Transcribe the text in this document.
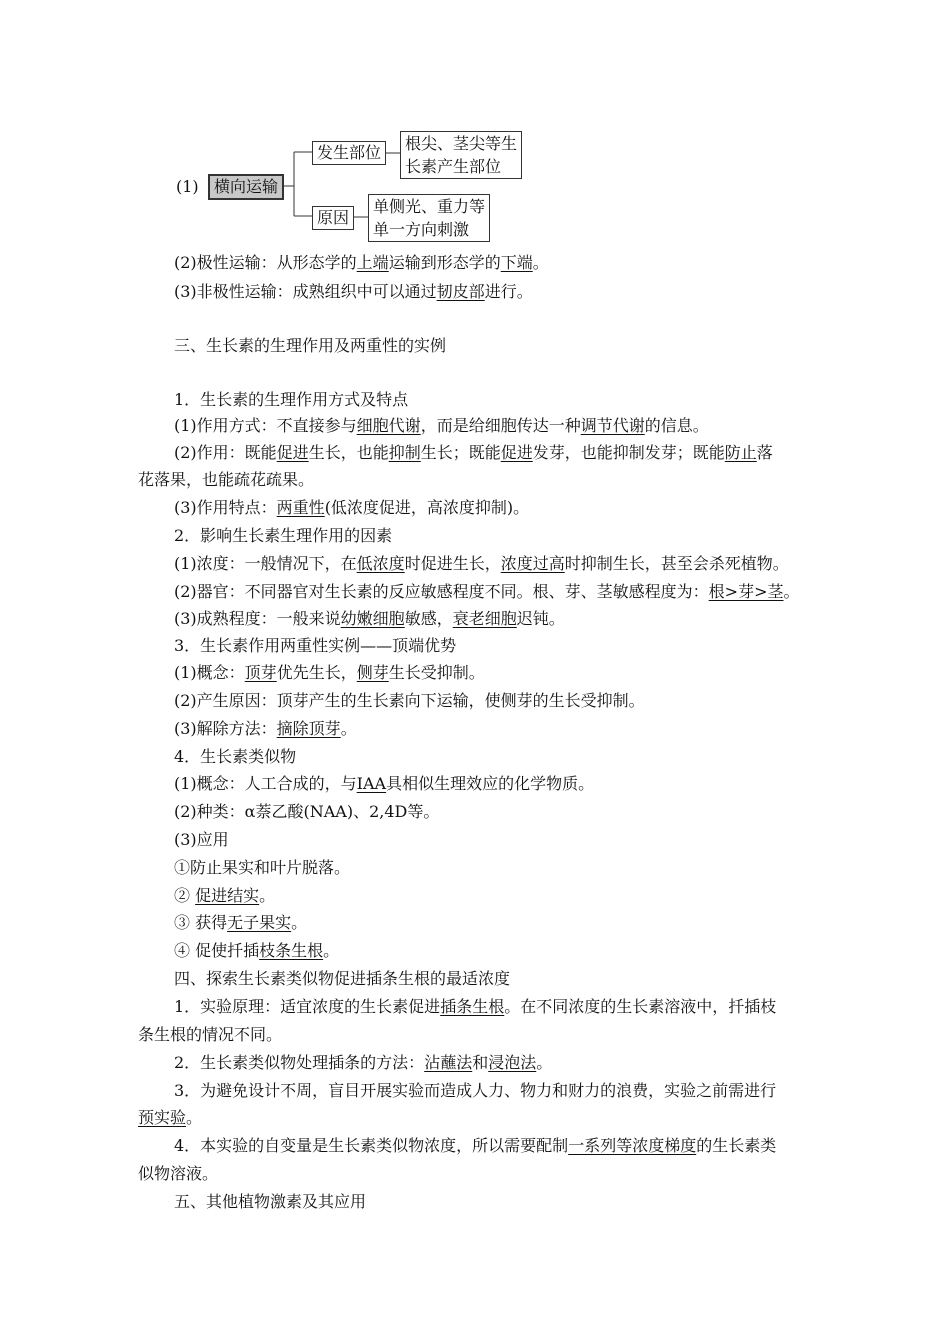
(1) 横向运输
发生部位	根尖、茎尖等生
长素产生部位
原因
单侧光、重力等
单一方向刺激
(2)极性运输：从形态学的上端运输到形态学的下端。
(3)非极性运输：成熟组织中可以通过韧皮部进行。
三、生长素的生理作用及两重性的实例
1．生长素的生理作用方式及特点
(1)作用方式：不直接参与细胞代谢，而是给细胞传达一种调节代谢的信息。
(2)作用：既能促进生长，也能抑制生长；既能促进发芽，也能抑制发芽；既能防止落
花落果，也能疏花疏果。
(3)作用特点：两重性(低浓度促进，高浓度抑制)。
2．影响生长素生理作用的因素
(1)浓度：一般情况下，在低浓度时促进生长，浓度过高时抑制生长，甚至会杀死植物。
(2)器官：不同器官对生长素的反应敏感程度不同。根、芽、茎敏感程度为：根>芽>茎。
(3)成熟程度：一般来说幼嫩细胞敏感，衰老细胞迟钝。
3．生长素作用两重性实例——顶端优势
(1)概念：顶芽优先生长，侧芽生长受抑制。
(2)产生原因：顶芽产生的生长素向下运输，使侧芽的生长受抑制。
(3)解除方法：摘除顶芽。
4．生长素类似物
(1)概念：人工合成的，与IAA具相似生理效应的化学物质。
(2)种类：α萘乙酸(NAA)、2,4D等。
(3)应用
①防止果实和叶片脱落。
② 促进结实。
③ 获得无子果实。
④ 促使扦插枝条生根。
四、探索生长素类似物促进插条生根的最适浓度
1．实验原理：适宜浓度的生长素促进插条生根。在不同浓度的生长素溶液中，扦插枝
条生根的情况不同。
2．生长素类似物处理插条的方法：沾蘸法和浸泡法。
3．为避免设计不周，盲目开展实验而造成人力、物力和财力的浪费，实验之前需进行
预实验。
4．本实验的自变量是生长素类似物浓度，所以需要配制一系列等浓度梯度的生长素类
似物溶液。
五、其他植物激素及其应用
